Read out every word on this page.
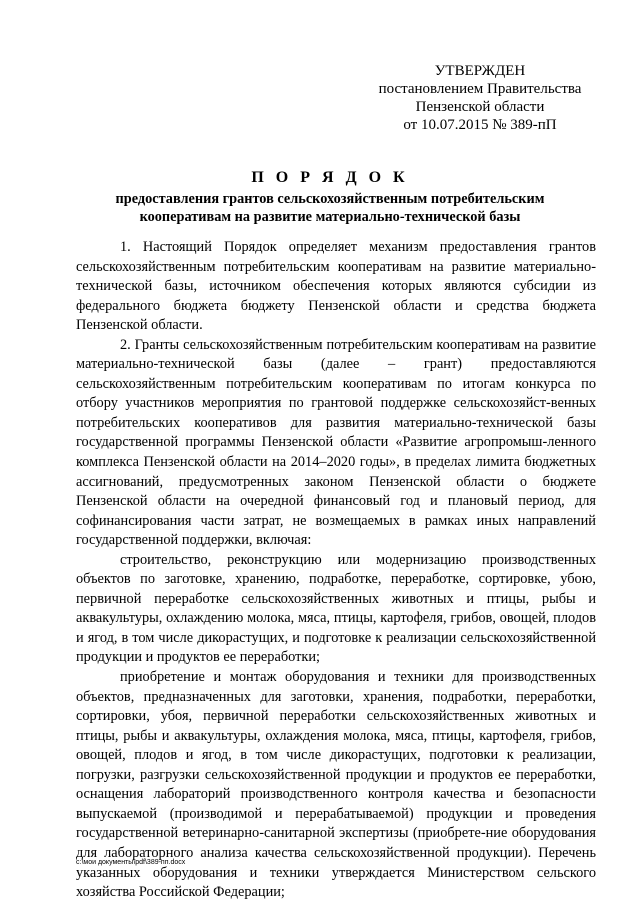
УТВЕРЖДЕН
постановлением Правительства
Пензенской области
от 10.07.2015 № 389-пП
П О Р Я Д О К
предоставления грантов сельскохозяйственным потребительским
кооперативам на развитие материально-технической базы

1. Настоящий Порядок определяет механизм предоставления грантов сельскохозяйственным потребительским кооперативам на развитие материально-технической базы, источником обеспечения которых являются субсидии из федерального бюджета бюджету Пензенской области и средства бюджета Пензенской области.

2. Гранты сельскохозяйственным потребительским кооперативам на развитие материально-технической базы (далее – грант) предоставляются сельскохозяйственным потребительским кооперативам по итогам конкурса по отбору участников мероприятия по грантовой поддержке сельскохозяйст-венных потребительских кооперативов для развития материально-технической базы государственной программы Пензенской области «Развитие агропромыш-ленного комплекса Пензенской области на 2014–2020 годы», в пределах лимита бюджетных ассигнований, предусмотренных законом Пензенской области о бюджете Пензенской области на очередной финансовый год и плановый период, для софинансирования части затрат, не возмещаемых в рамках иных направлений государственной поддержки, включая:

строительство, реконструкцию или модернизацию производственных объектов по заготовке, хранению, подработке, переработке, сортировке, убою, первичной переработке сельскохозяйственных животных и птицы, рыбы и аквакультуры, охлаждению молока, мяса, птицы, картофеля, грибов, овощей, плодов и ягод, в том числе дикорастущих, и подготовке к реализации сельскохозяйственной продукции и продуктов ее переработки;

приобретение и монтаж оборудования и техники для производственных объектов, предназначенных для заготовки, хранения, подработки, переработки, сортировки, убоя, первичной переработки сельскохозяйственных животных и птицы, рыбы и аквакультуры, охлаждения молока, мяса, птицы, картофеля, грибов, овощей, плодов и ягод, в том числе дикорастущих, подготовки к реализации, погрузки, разгрузки сельскохозяйственной продукции и продуктов ее переработки, оснащения лабораторий производственного контроля качества и безопасности выпускаемой (производимой и перерабатываемой) продукции и проведения государственной ветеринарно-санитарной экспертизы (приобрете-ние оборудования для лабораторного анализа качества сельскохозяйственной продукции). Перечень указанных оборудования и техники утверждается Министерством сельского хозяйства Российской Федерации;

c:\мои документы\pdf\389-пп.docx
